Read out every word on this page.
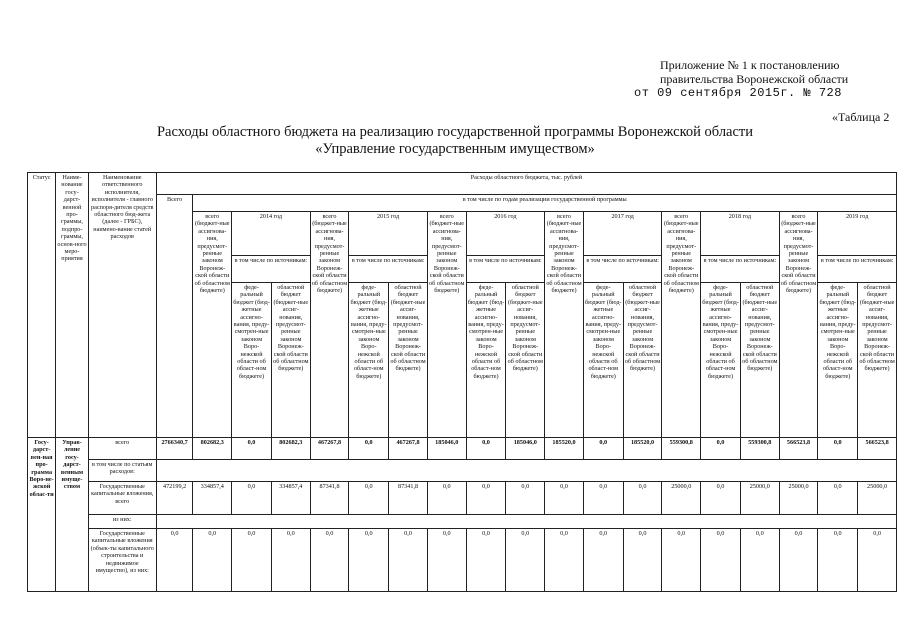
Приложение № 1 к постановлению
правительства Воронежской области
от 09 сентября 2015г. № 728
«Таблица 2
Расходы областного бюджета на реализацию государственной программы Воронежской области
«Управление государственным имуществом»
Статус	Наиме-нование госу-дарст-венной про-граммы, подпро-граммы, основ-ного меро-приятия	Наименование ответственного исполнителя, исполнителя - главного распоря-дителя средств областного бюд-жета (далее - ГРБС), наимено-вание статей расходов	Расходы областного бюджета, тыс. рублей																		
			Всего	в том числе по годам реализации государственной программы																	
				всего (бюджет-ные ассигнова-ния, предусмот-ренные законом Воронеж-ской области об областном бюджете)	2014 год		всего (бюджет-ные ассигнова-ния, предусмот-ренные законом Воронеж-ской области об областном бюджете)	2015 год		всего (бюджет-ные ассигнова-ния, предусмот-ренные законом Воронеж-ской области об областном бюджете)	2016 год		всего (бюджет-ные ассигнова-ния, предусмот-ренные законом Воронеж-ской области об областном бюджете)	2017 год		всего (бюджет-ные ассигнова-ния, предусмот-ренные законом Воронеж-ской области об областном бюджете)	2018 год		всего (бюджет-ные ассигнова-ния, предусмот-ренные законом Воронеж-ской области об областном бюджете)	2019 год	
					в том числе по источникам:			в том числе по источникам:			в том числе по источникам:			в том числе по источникам:			в том числе по источникам:			в том числе по источникам:	
					феде-ральный бюджет (бюд-жетные ассигно-вания, преду-смотрен-ные законом Воро-нежской области об област-ном бюджете)	областной бюджет (бюджет-ные ассиг-нования, предусмот-ренные законом Воронеж-ской области об областном бюджете)		феде-ральный бюджет (бюд-жетные ассигно-вания, преду-смотрен-ные законом Воро-нежской области об област-ном бюджете)	областной бюджет (бюджет-ные ассиг-нования, предусмот-ренные законом Воронеж-ской области об областном бюджете)		феде-ральный бюджет (бюд-жетные ассигно-вания, преду-смотрен-ные законом Воро-нежской области об област-ном бюджете)	областной бюджет (бюджет-ные ассиг-нования, предусмот-ренные законом Воронеж-ской области об областном бюджете)		феде-ральный бюджет (бюд-жетные ассигно-вания, преду-смотрен-ные законом Воро-нежской области об област-ном бюджете)	областной бюджет (бюджет-ные ассиг-нования, предусмот-ренные законом Воронеж-ской области об областном бюджете)		феде-ральный бюджет (бюд-жетные ассигно-вания, преду-смотрен-ные законом Воро-нежской области об област-ном бюджете)	областной бюджет (бюджет-ные ассиг-нования, предусмот-ренные законом Воронеж-ской области об областном бюджете)		феде-ральный бюджет (бюд-жетные ассигно-вания, преду-смотрен-ные законом Воро-нежской области об област-ном бюджете)	областной бюджет (бюджет-ные ассиг-нования, предусмот-ренные законом Воронеж-ской области об областном бюджете)
Госу-дарст-вен-ная про-грамма Воро-не-жской облас-ти	Управ-ление госу-дарст-венным имуще-ством	всего	2766340,7	802682,3	0,0	802682,3	467267,8	0,0	467267,8	185046,0	0,0	185046,0	185520,0	0,0	185520,0	559300,8	0,0	559300,8	566523,8	0,0	566523,8
		в том числе по статьям расходов:																			
		Государственные капитальные вложения, всего	472199,2	334857,4	0,0	334857,4	87341,8	0,0	87341,8	0,0	0,0	0,0	0,0	0,0	0,0	25000,0	0,0	25000,0	25000,0	0,0	25000,0
		из них:																			
		Государственные капитальные вложения (объек-ты капитального строительства и недвижимое имущество), из них:	0,0	0,0	0,0	0,0	0,0	0,0	0,0	0,0	0,0	0,0	0,0	0,0	0,0	0,0	0,0	0,0	0,0	0,0	0,0
